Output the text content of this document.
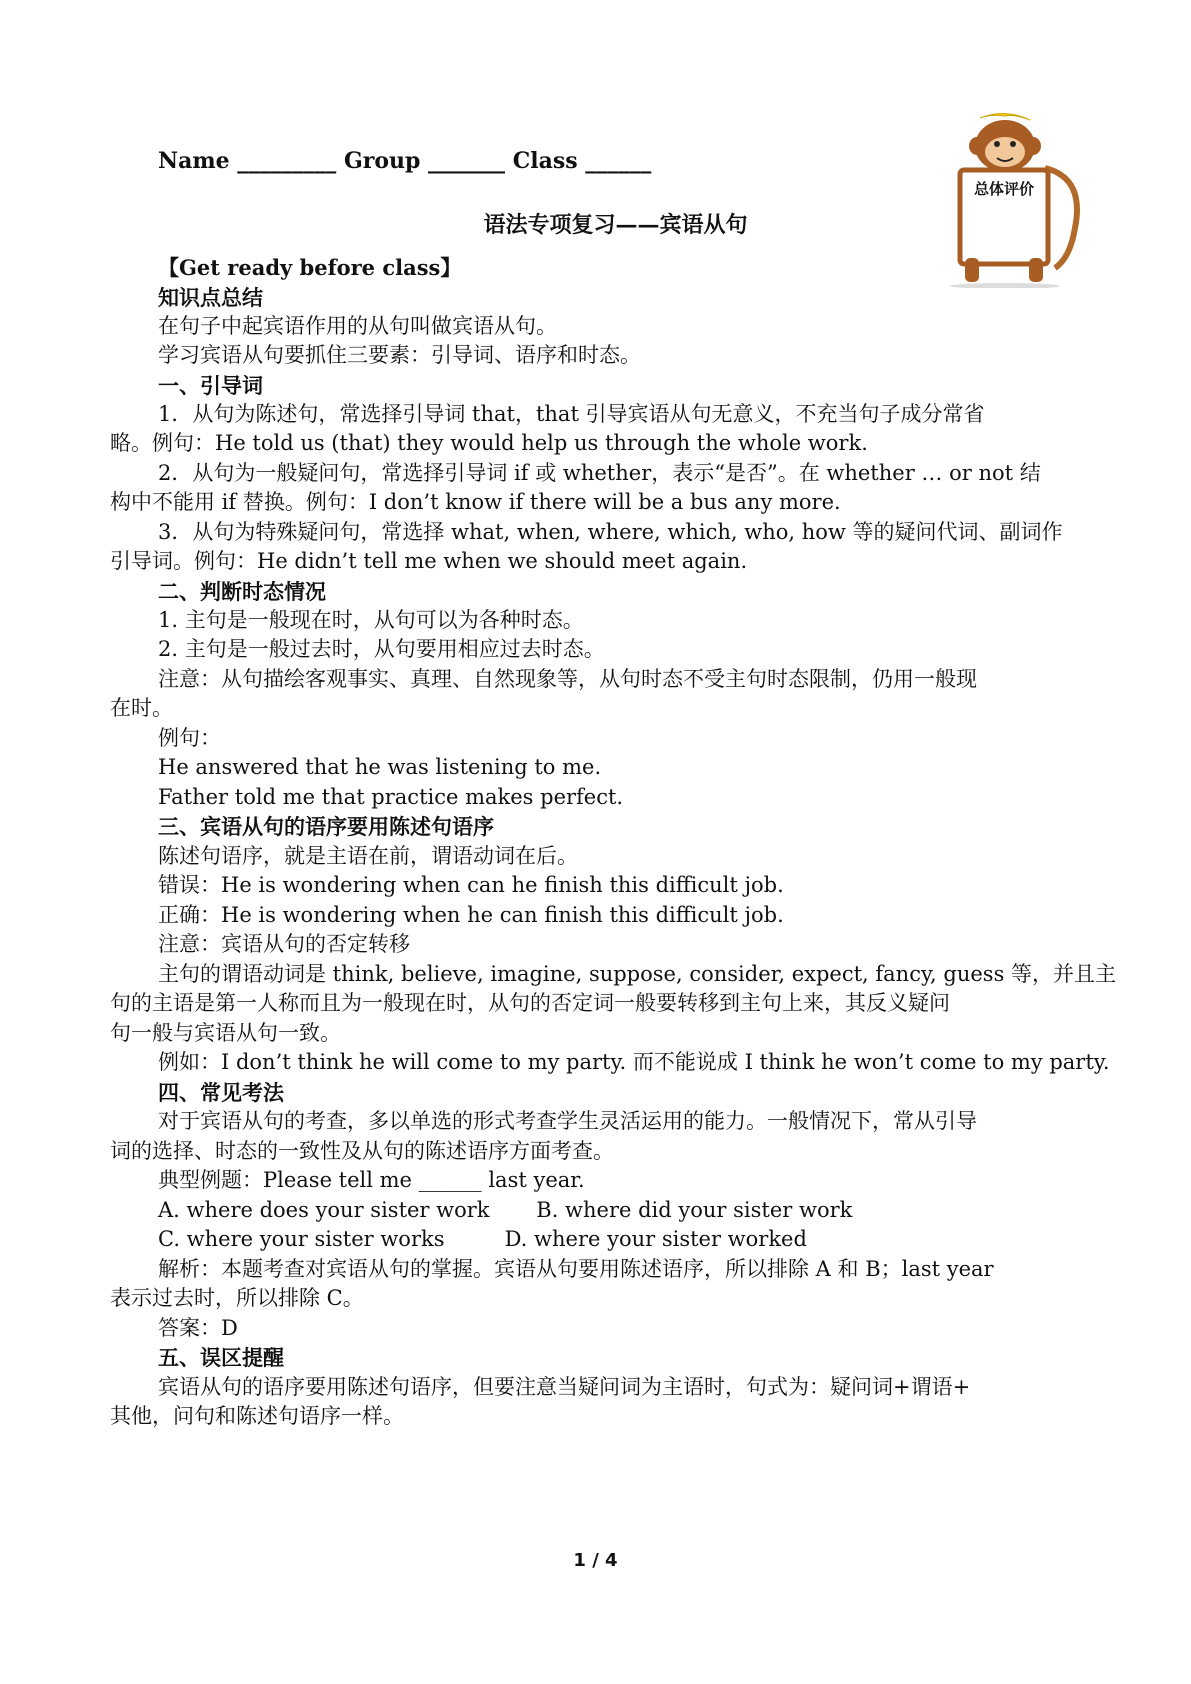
Name _________ Group _______ Class ______
语法专项复习——宾语从句
总体评价
【Get ready before class】
知识点总结
在句子中起宾语作用的从句叫做宾语从句。
学习宾语从句要抓住三要素：引导词、语序和时态。
一、引导词
1．从句为陈述句，常选择引导词 that，that 引导宾语从句无意义，不充当句子成分常省
略。例句：He told us (that) they would help us through the whole work.
2．从句为一般疑问句，常选择引导词 if 或 whether，表示“是否”。在 whether … or not 结
构中不能用 if 替换。例句：I don’t know if there will be a bus any more.
3．从句为特殊疑问句，常选择 what, when, where, which, who, how 等的疑问代词、副词作
引导词。例句：He didn’t tell me when we should meet again.
二、判断时态情况
1. 主句是一般现在时，从句可以为各种时态。
2. 主句是一般过去时，从句要用相应过去时态。
注意：从句描绘客观事实、真理、自然现象等，从句时态不受主句时态限制，仍用一般现
在时。
例句：
He answered that he was listening to me.
Father told me that practice makes perfect.
三、宾语从句的语序要用陈述句语序
陈述句语序，就是主语在前，谓语动词在后。
错误：He is wondering when can he finish this difficult job.
正确：He is wondering when he can finish this difficult job.
注意：宾语从句的否定转移
主句的谓语动词是 think, believe, imagine, suppose, consider, expect, fancy, guess 等，并且主
句的主语是第一人称而且为一般现在时，从句的否定词一般要转移到主句上来，其反义疑问
句一般与宾语从句一致。
例如：I don’t think he will come to my party. 而不能说成 I think he won’t come to my party.
四、常见考法
对于宾语从句的考查，多以单选的形式考查学生灵活运用的能力。一般情况下，常从引导
词的选择、时态的一致性及从句的陈述语序方面考查。
典型例题：Please tell me ______ last year.
A. where does your sister work       B. where did your sister work
C. where your sister works         D. where your sister worked
解析：本题考查对宾语从句的掌握。宾语从句要用陈述语序，所以排除 A 和 B；last year
表示过去时，所以排除 C。
答案：D
五、误区提醒
宾语从句的语序要用陈述句语序，但要注意当疑问词为主语时，句式为：疑问词+谓语+
其他，问句和陈述句语序一样。
1 / 4
